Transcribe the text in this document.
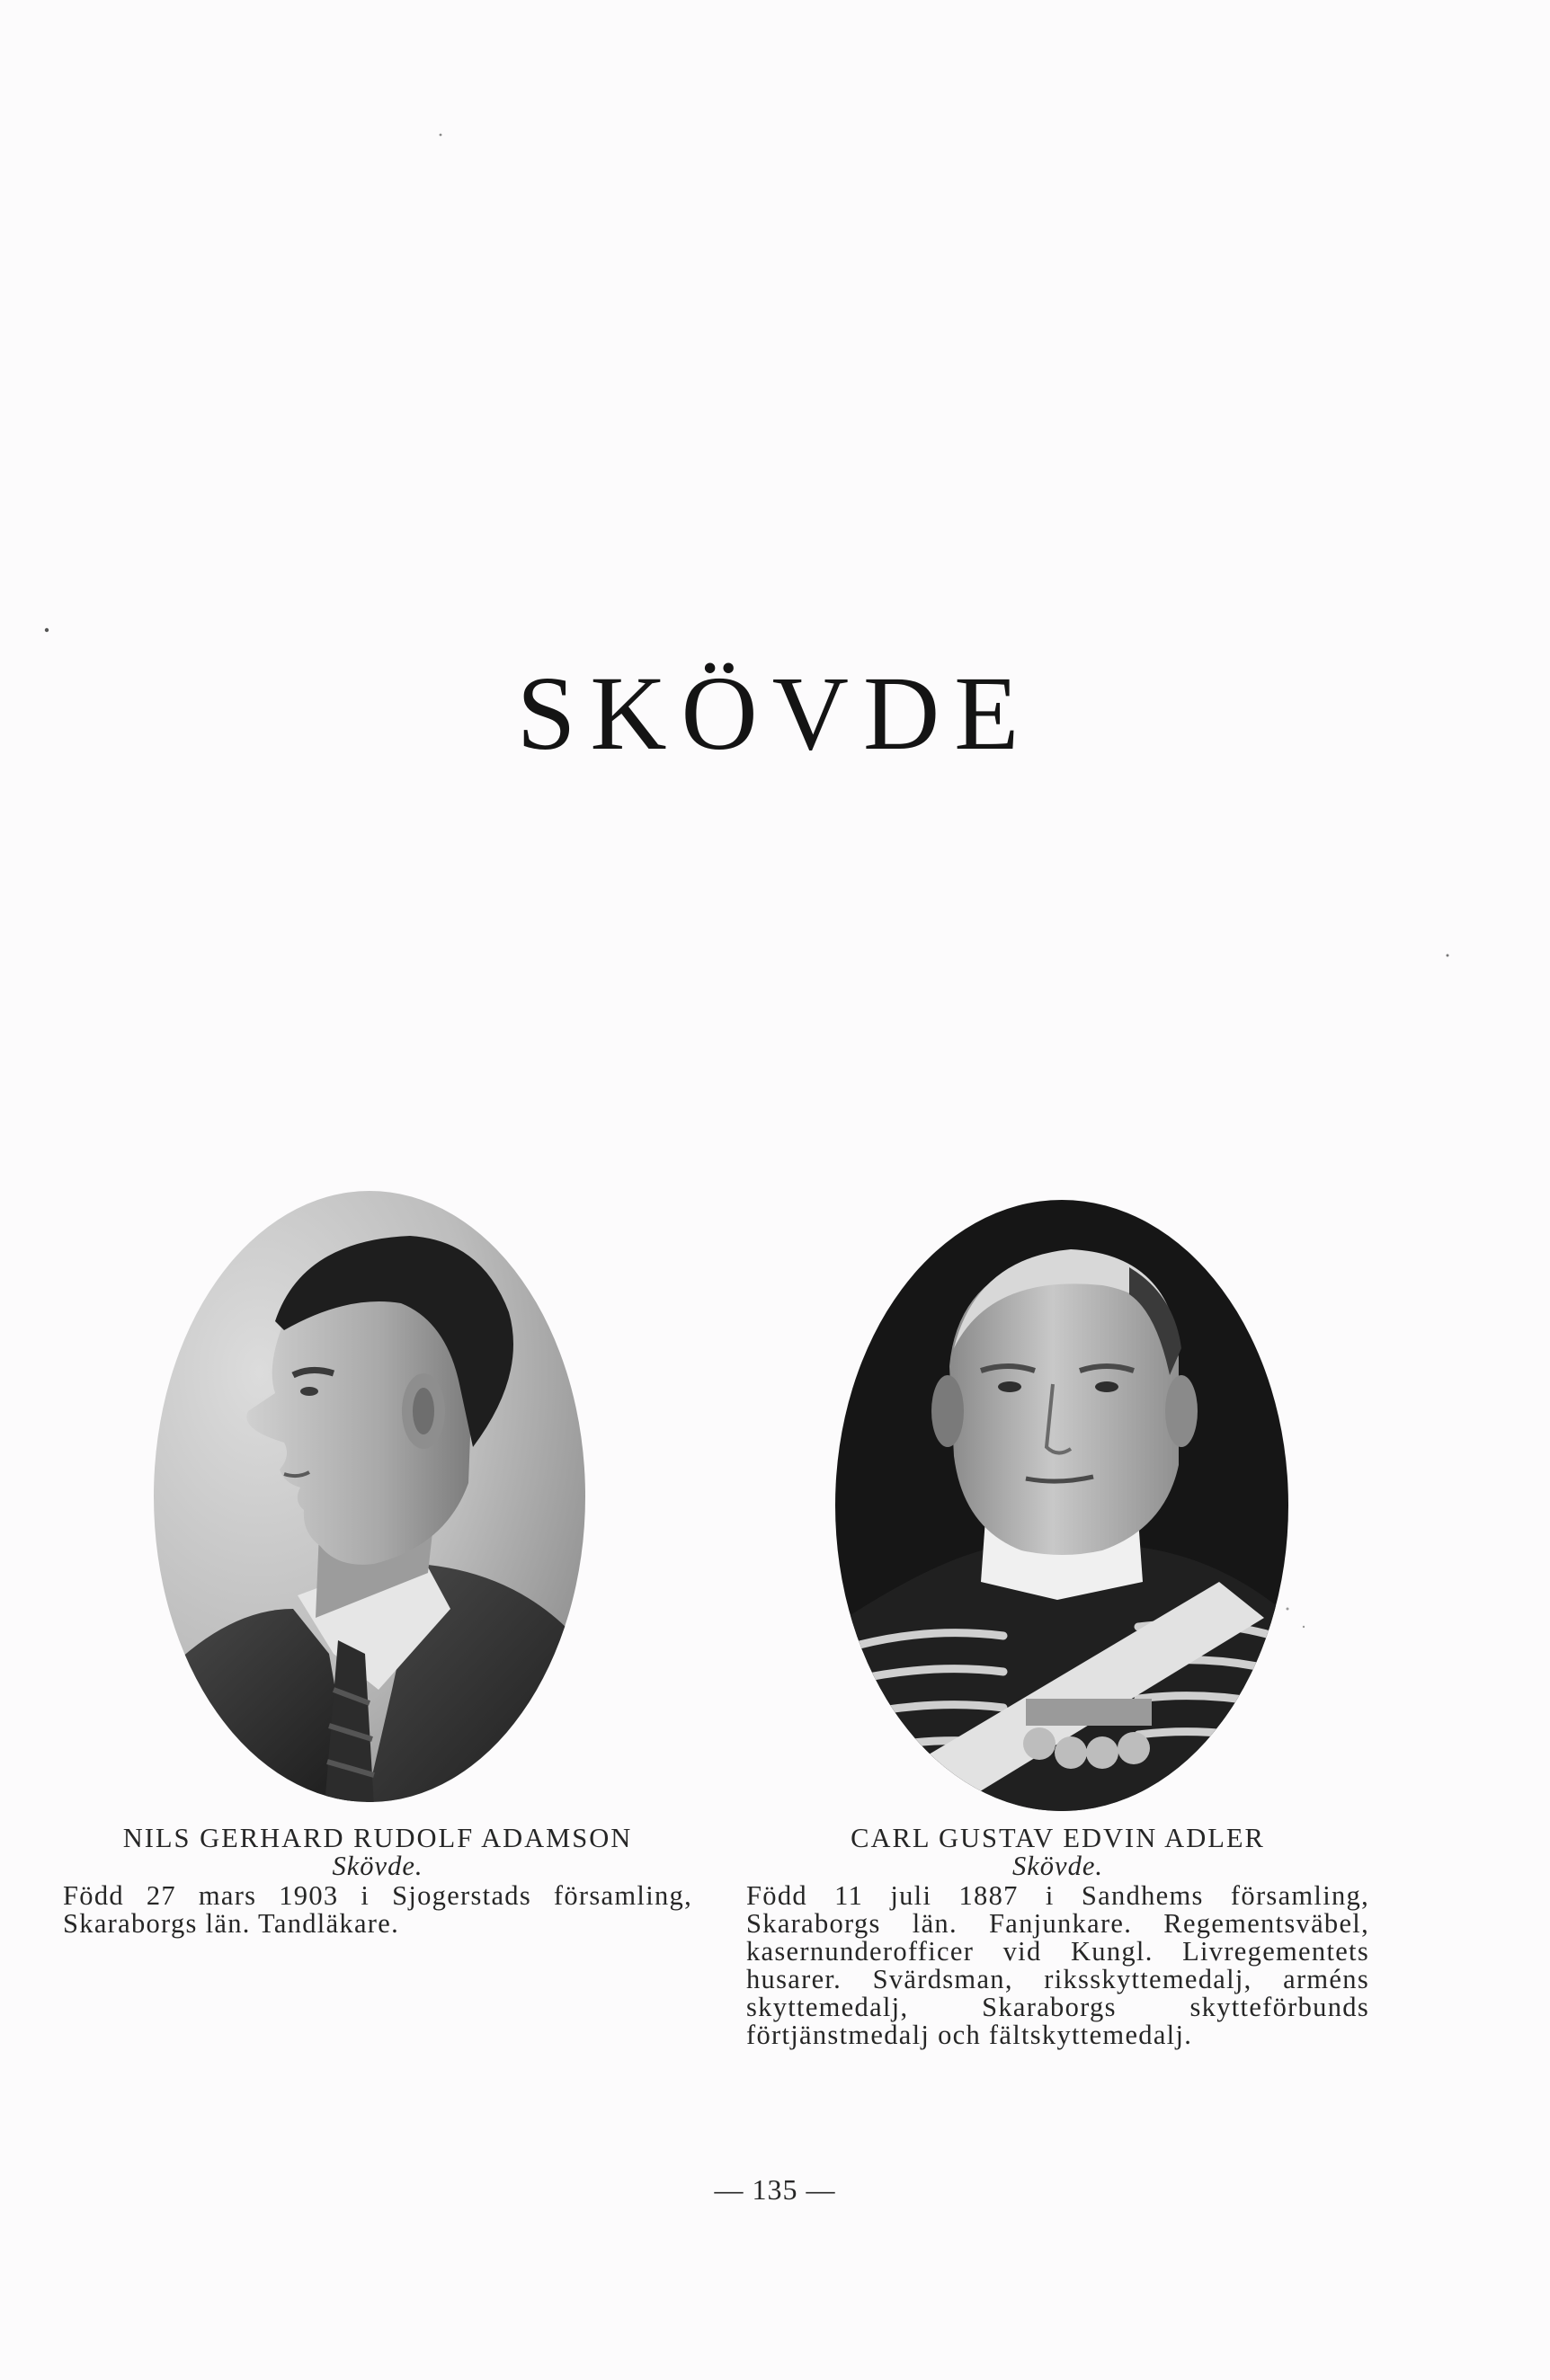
SKÖVDE
NILS GERHARD RUDOLF ADAMSON
Skövde.
Född 27 mars 1903 i Sjogerstads församling, Skaraborgs län. Tandläkare.
CARL GUSTAV EDVIN ADLER
Skövde.
Född 11 juli 1887 i Sandhems församling, Skaraborgs län. Fanjunkare. Regementsväbel, kasernunderofficer vid Kungl. Livregementets husarer. Svärdsman, riksskyttemedalj, arméns skyttemedalj, Skaraborgs skytteförbunds förtjänstmedalj och fältskyttemedalj.
— 135 —
